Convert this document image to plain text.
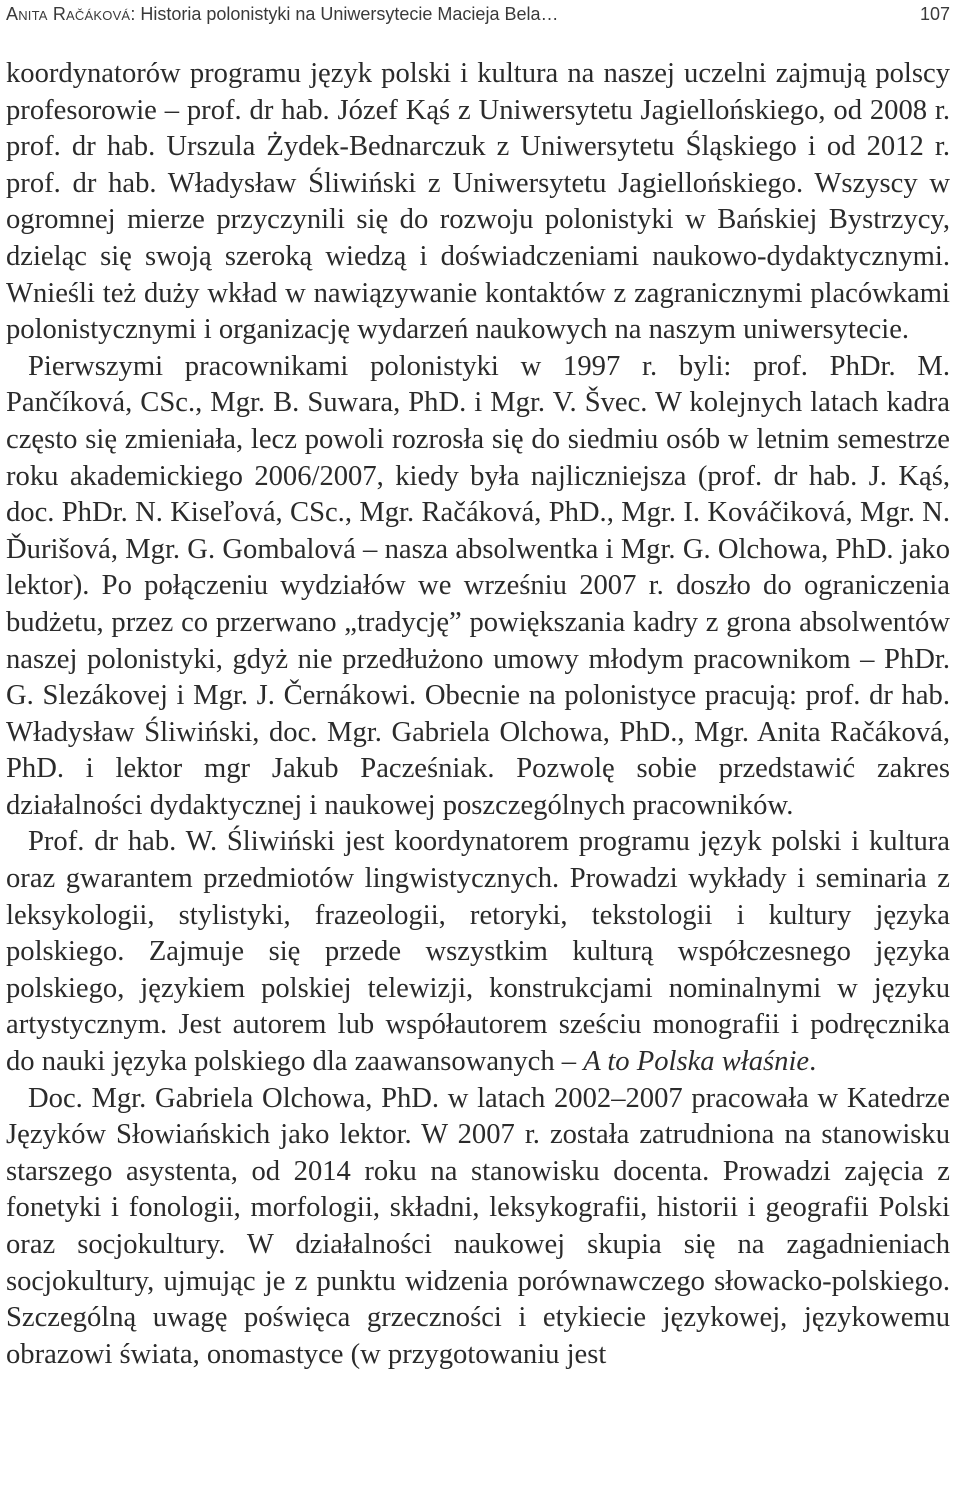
Anita Račáková : Historia polonistyki na Uniwersytecie Macieja Bela…	107

koordynatorów programu język polski i kultura na naszej uczelni zajmują polscy profesorowie – prof. dr hab. Józef Kąś z Uniwersytetu Jagiellońskiego, od 2008 r. prof. dr hab. Urszula Żydek-Bednarczuk z Uniwersytetu Śląskiego i od 2012 r. prof. dr hab. Władysław Śliwiński z Uniwersytetu Jagiellońskiego. Wszyscy w ogromnej mierze przyczynili się do rozwoju polonistyki w Bańskiej Bystrzycy, dzieląc się swoją szeroką wiedzą i doświadczeniami naukowo-dydaktycznymi. Wnieśli też duży wkład w nawiązywanie kontaktów z zagranicznymi placówkami polonistycznymi i organizację wydarzeń naukowych na naszym uniwersytecie.

Pierwszymi pracownikami polonistyki w 1997 r. byli: prof. PhDr. M. Pančíková, CSc., Mgr. B. Suwara, PhD. i Mgr. V. Švec. W kolejnych latach kadra często się zmieniała, lecz powoli rozrosła się do siedmiu osób w letnim semestrze roku akademickiego 2006/2007, kiedy była najliczniejsza (prof. dr hab. J. Kąś, doc. PhDr. N. Kiseľová, CSc., Mgr. Račáková, PhD., Mgr. I. Kováčiková, Mgr. N. Ďurišová, Mgr. G. Gombalová – nasza absolwentka i Mgr. G. Olchowa, PhD. jako lektor). Po połączeniu wydziałów we wrześniu 2007 r. doszło do ograniczenia budżetu, przez co przerwano „tradycję” powiększania kadry z grona absolwentów naszej polonistyki, gdyż nie przedłużono umowy młodym pracownikom – PhDr. G. Slezákovej i Mgr. J. Černákowi. Obecnie na polonistyce pracują: prof. dr hab. Władysław Śliwiński, doc. Mgr. Gabriela Olchowa, PhD., Mgr. Anita Račáková, PhD. i lektor mgr Jakub Pacześniak. Pozwolę sobie przedstawić zakres działalności dydaktycznej i naukowej poszczególnych pracowników.

Prof. dr hab. W. Śliwiński jest koordynatorem programu język polski i kultura oraz gwarantem przedmiotów lingwistycznych. Prowadzi wykłady i seminaria z leksykologii, stylistyki, frazeologii, retoryki, tekstologii i kultury języka polskiego. Zajmuje się przede wszystkim kulturą współczesnego języka polskiego, językiem polskiej telewizji, konstrukcjami nominalnymi w języku artystycznym. Jest autorem lub współautorem sześciu monografii i podręcznika do nauki języka polskiego dla zaawansowanych – A to Polska właśnie.

Doc. Mgr. Gabriela Olchowa, PhD. w latach 2002–2007 pracowała w Katedrze Języków Słowiańskich jako lektor. W 2007 r. została zatrudniona na stanowisku starszego asystenta, od 2014 roku na stanowisku docenta. Prowadzi zajęcia z fonetyki i fonologii, morfologii, składni, leksykografii, historii i geografii Polski oraz socjokultury. W działalności naukowej skupia się na zagadnieniach socjokultury, ujmując je z punktu widzenia porównawczego słowacko-polskiego. Szczególną uwagę poświęca grzeczności i etykiecie językowej, językowemu obrazowi świata, onomastyce (w przygotowaniu jest
